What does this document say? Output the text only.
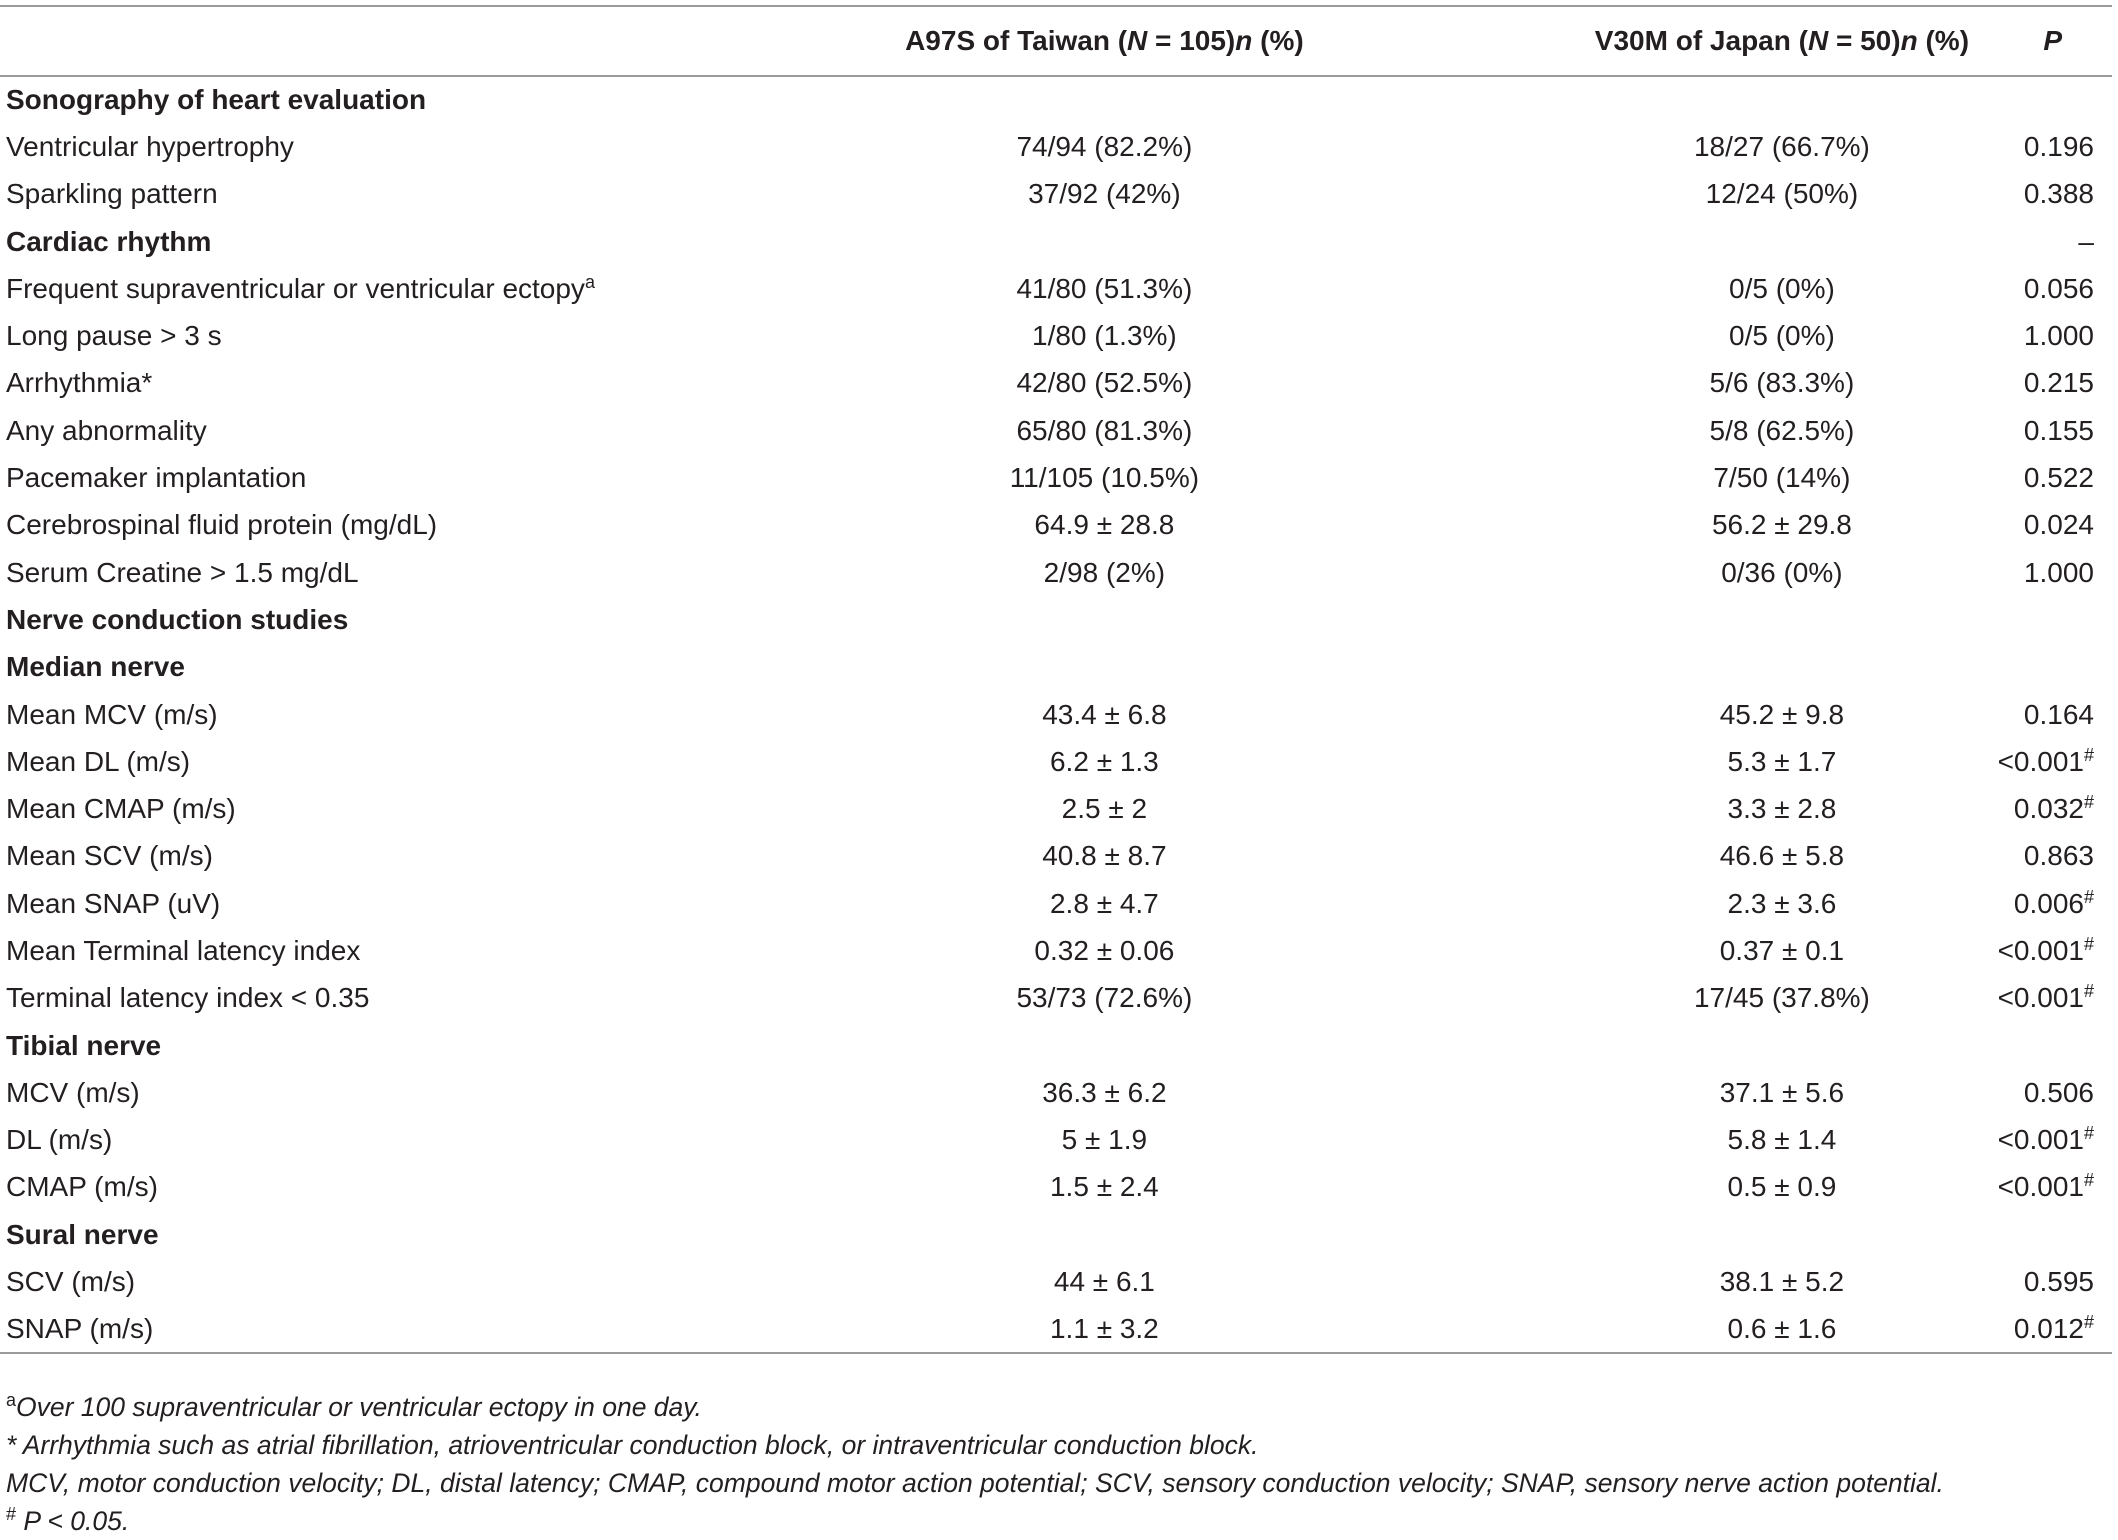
	A97S of Taiwan (N = 105)n (%)	V30M of Japan (N = 50)n (%)	P
Sonography of heart evaluation			
Ventricular hypertrophy	74/94 (82.2%)	18/27 (66.7%)	0.196
Sparkling pattern	37/92 (42%)	12/24 (50%)	0.388
Cardiac rhythm			–
Frequent supraventricular or ventricular ectopy$^a$	41/80 (51.3%)	0/5 (0%)	0.056
Long pause > 3 s	1/80 (1.3%)	0/5 (0%)	1.000
Arrhythmia*	42/80 (52.5%)	5/6 (83.3%)	0.215
Any abnormality	65/80 (81.3%)	5/8 (62.5%)	0.155
Pacemaker implantation	11/105 (10.5%)	7/50 (14%)	0.522
Cerebrospinal fluid protein (mg/dL)	64.9 ± 28.8	56.2 ± 29.8	0.024
Serum Creatine > 1.5 mg/dL	2/98 (2%)	0/36 (0%)	1.000
Nerve conduction studies			
Median nerve			
Mean MCV (m/s)	43.4 ± 6.8	45.2 ± 9.8	0.164
Mean DL (m/s)	6.2 ± 1.3	5.3 ± 1.7	<0.001#
Mean CMAP (m/s)	2.5 ± 2	3.3 ± 2.8	0.032#
Mean SCV (m/s)	40.8 ± 8.7	46.6 ± 5.8	0.863
Mean SNAP (uV)	2.8 ± 4.7	2.3 ± 3.6	0.006#
Mean Terminal latency index	0.32 ± 0.06	0.37 ± 0.1	<0.001#
Terminal latency index < 0.35	53/73 (72.6%)	17/45 (37.8%)	<0.001#
Tibial nerve			
MCV (m/s)	36.3 ± 6.2	37.1 ± 5.6	0.506
DL (m/s)	5 ± 1.9	5.8 ± 1.4	<0.001#
CMAP (m/s)	1.5 ± 2.4	0.5 ± 0.9	<0.001#
Sural nerve			
SCV (m/s)	44 ± 6.1	38.1 ± 5.2	0.595
SNAP (m/s)	1.1 ± 3.2	0.6 ± 1.6	0.012#
$^a$Over 100 supraventricular or ventricular ectopy in one day.
* Arrhythmia such as atrial fibrillation, atrioventricular conduction block, or intraventricular conduction block.
MCV, motor conduction velocity; DL, distal latency; CMAP, compound motor action potential; SCV, sensory conduction velocity; SNAP, sensory nerve action potential.
# P < 0.05.
